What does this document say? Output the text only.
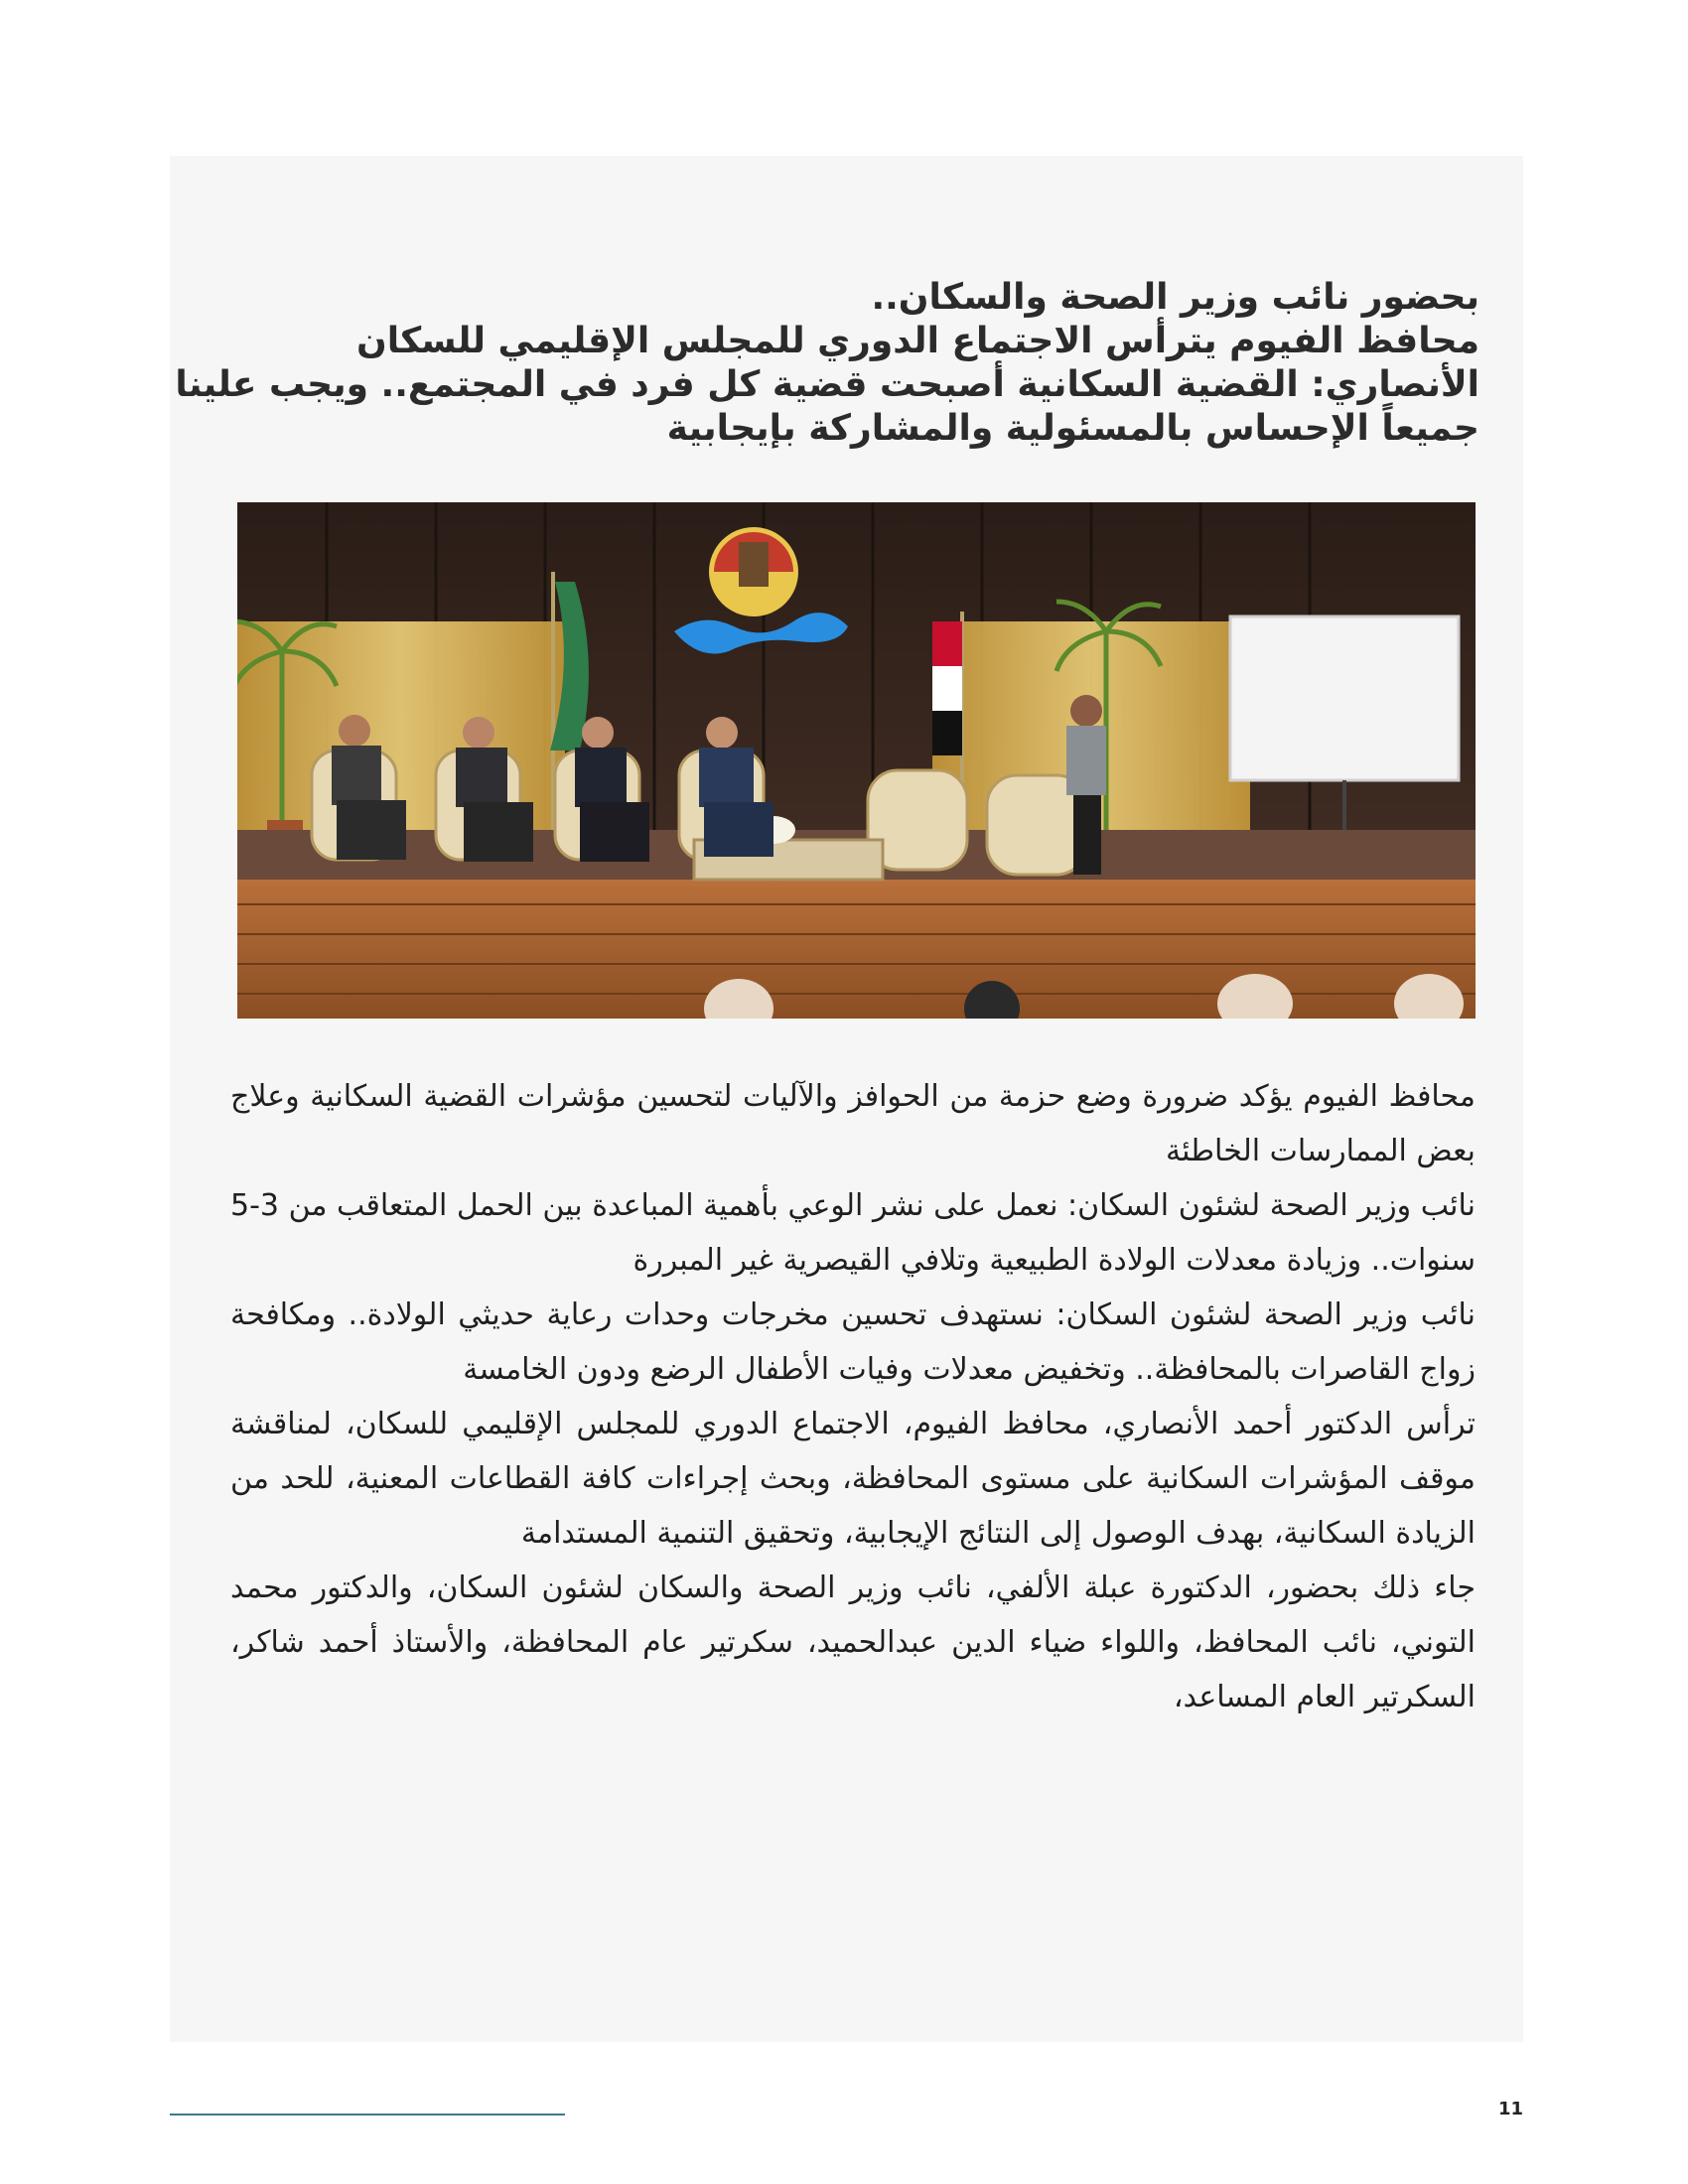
بحضور نائب وزير الصحة والسكان..
محافظ الفيوم يترأس الاجتماع الدوري للمجلس الإقليمي للسكان
الأنصاري: القضية السكانية أصبحت قضية كل فرد في المجتمع.. ويجب علينا
جميعاً الإحساس بالمسئولية والمشاركة بإيجابية

محافظ الفيوم يؤكد ضرورة وضع حزمة من الحوافز والآليات لتحسين مؤشرات القضية السكانية وعلاج بعض الممارسات الخاطئة

نائب وزير الصحة لشئون السكان: نعمل على نشر الوعي بأهمية المباعدة بين الحمل المتعاقب من 3-5 سنوات.. وزيادة معدلات الولادة الطبيعية وتلافي القيصرية غير المبررة

نائب وزير الصحة لشئون السكان: نستهدف تحسين مخرجات وحدات رعاية حديثي الولادة.. ومكافحة زواج القاصرات بالمحافظة.. وتخفيض معدلات وفيات الأطفال الرضع ودون الخامسة

ترأس الدكتور أحمد الأنصاري، محافظ الفيوم، الاجتماع الدوري للمجلس الإقليمي للسكان، لمناقشة موقف المؤشرات السكانية على مستوى المحافظة، وبحث إجراءات كافة القطاعات المعنية، للحد من الزيادة السكانية، بهدف الوصول إلى النتائج الإيجابية، وتحقيق التنمية المستدامة

جاء ذلك بحضور، الدكتورة عبلة الألفي، نائب وزير الصحة والسكان لشئون السكان، والدكتور محمد التوني، نائب المحافظ، واللواء ضياء الدين عبدالحميد، سكرتير عام المحافظة، والأستاذ أحمد شاكر، السكرتير العام المساعد،

11
